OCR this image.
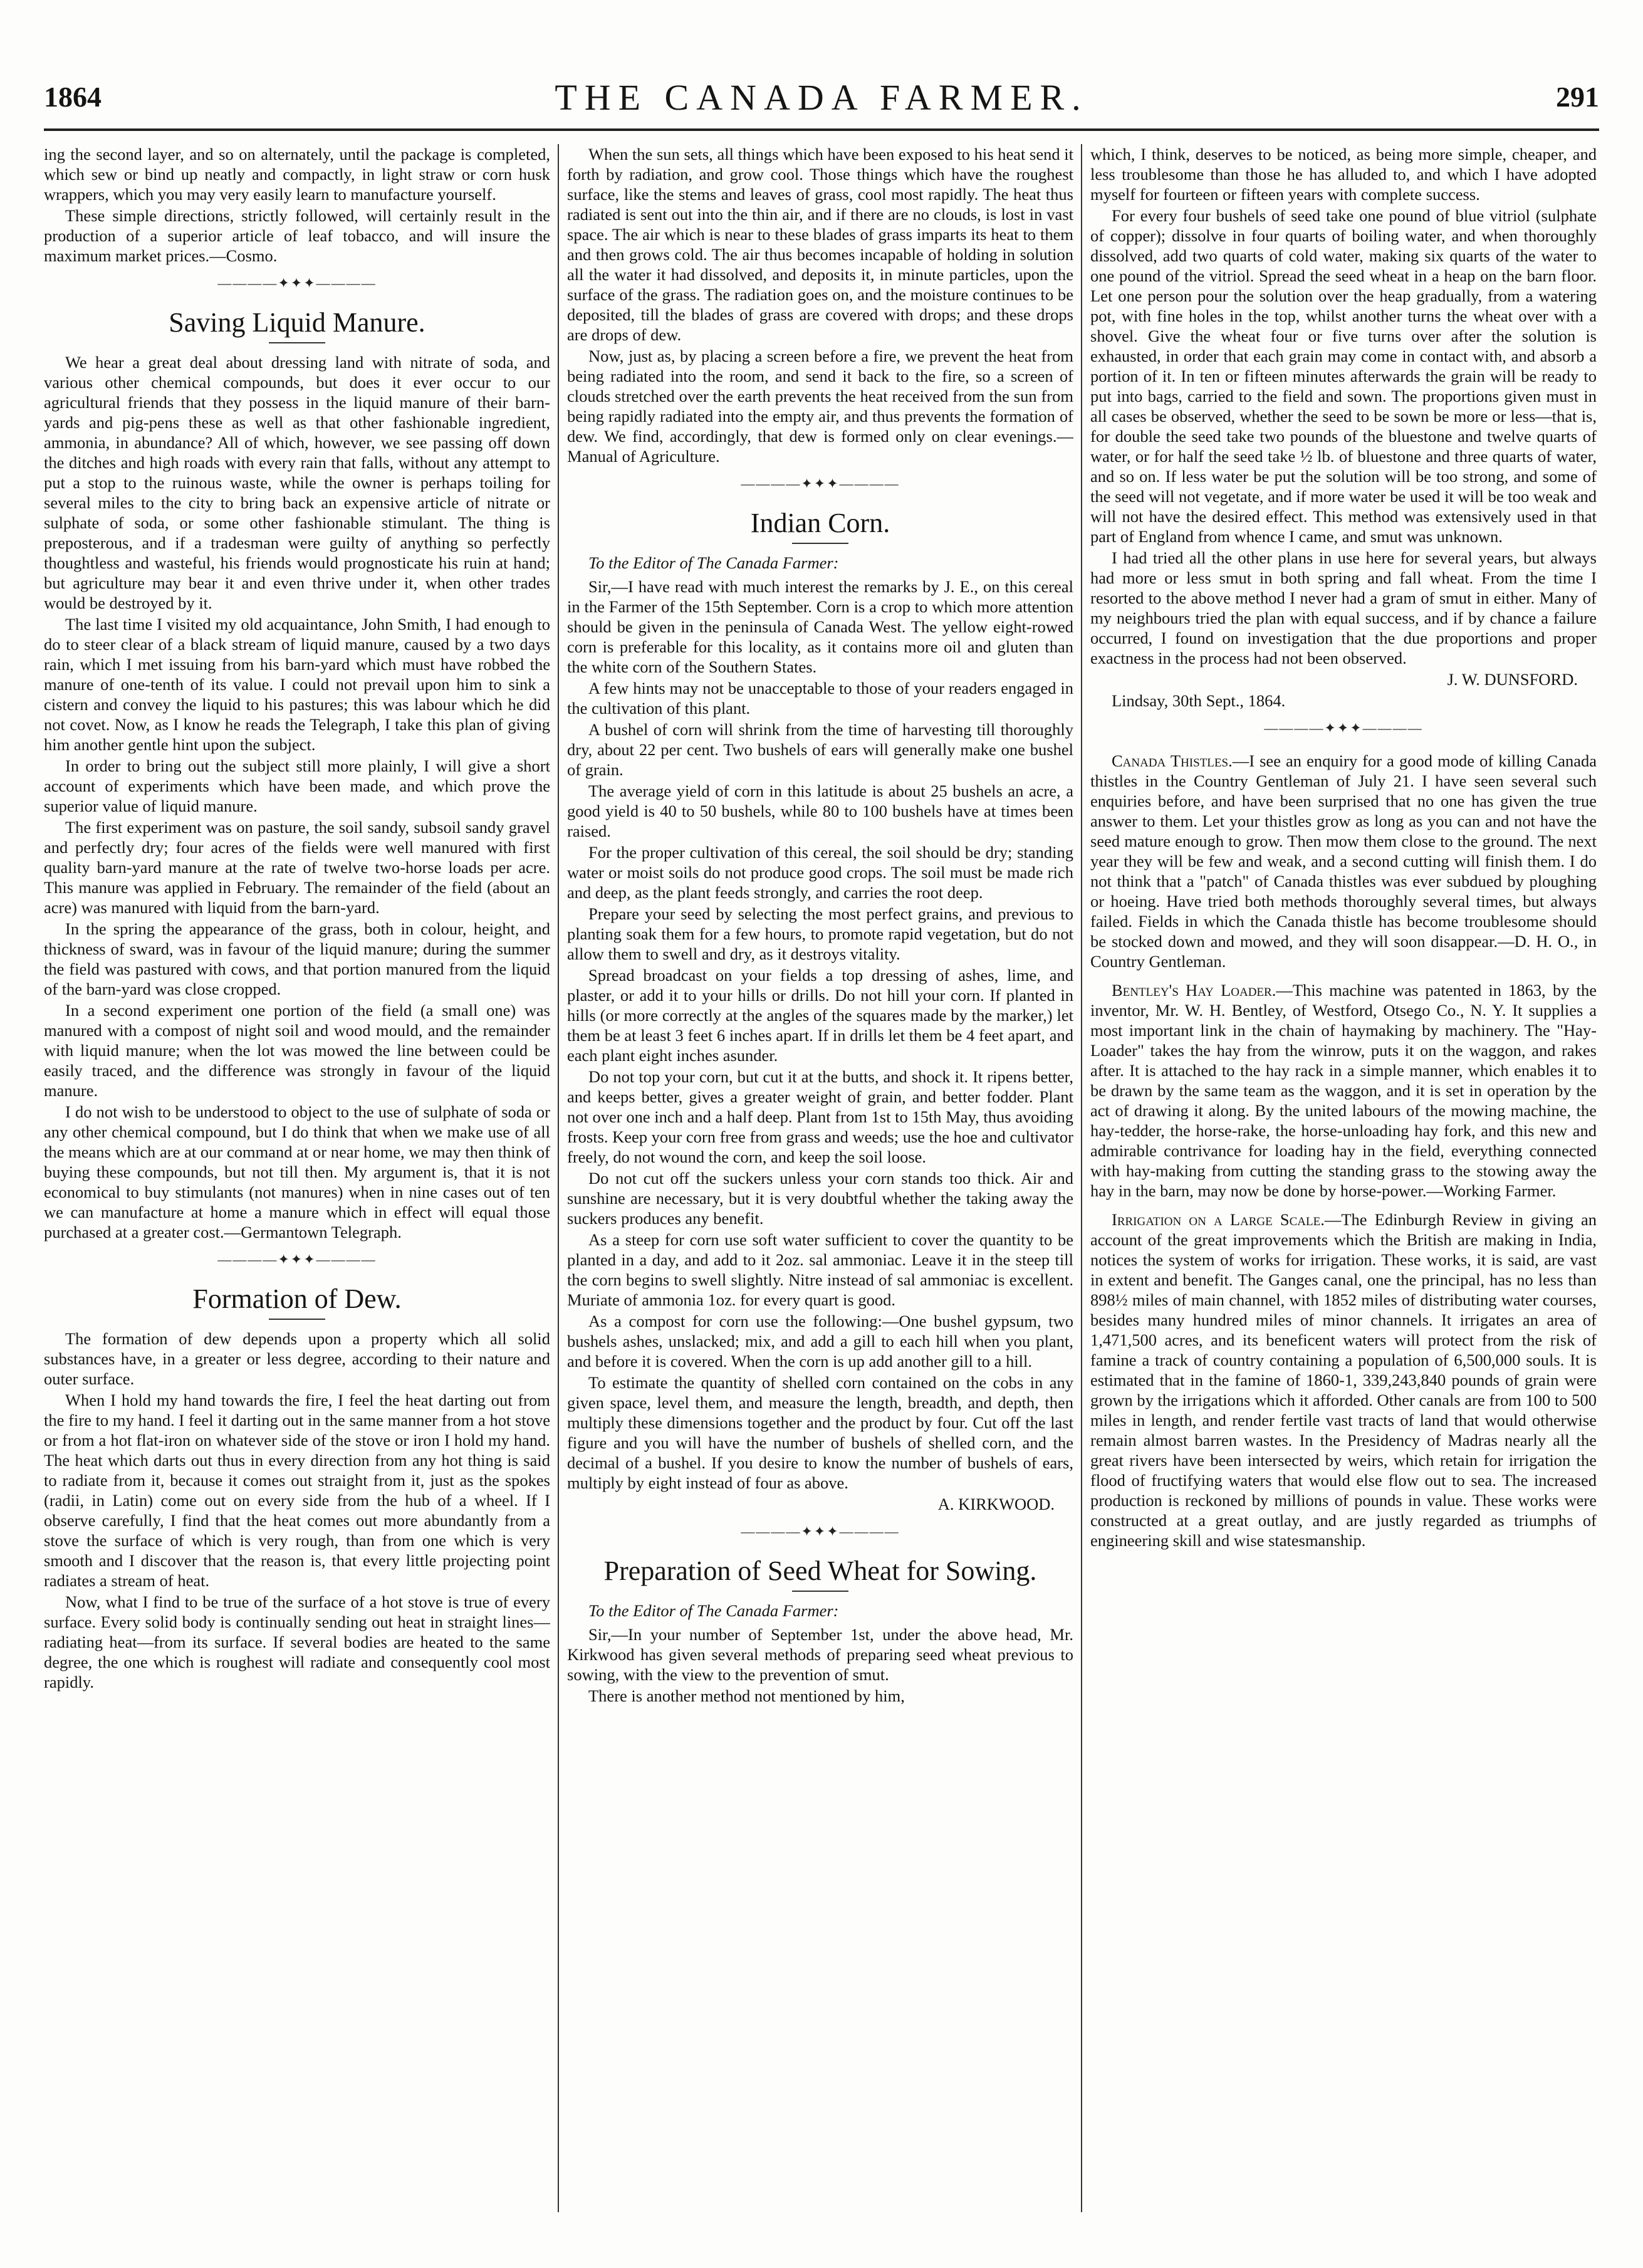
1864	THE CANADA FARMER.	291

ing the second layer, and so on alternately, until the package is completed, which sew or bind up neatly and compactly, in light straw or corn husk wrappers, which you may very easily learn to manufacture yourself.

These simple directions, strictly followed, will certainly result in the production of a superior article of leaf tobacco, and will insure the maximum market prices.—Cosmo.

――――✦✦✦――――
Saving Liquid Manure.

We hear a great deal about dressing land with nitrate of soda, and various other chemical compounds, but does it ever occur to our agricultural friends that they possess in the liquid manure of their barn-yards and pig-pens these as well as that other fashionable ingredient, ammonia, in abundance? All of which, however, we see passing off down the ditches and high roads with every rain that falls, without any attempt to put a stop to the ruinous waste, while the owner is perhaps toiling for several miles to the city to bring back an expensive article of nitrate or sulphate of soda, or some other fashionable stimulant. The thing is preposterous, and if a tradesman were guilty of anything so perfectly thoughtless and wasteful, his friends would prognosticate his ruin at hand; but agriculture may bear it and even thrive under it, when other trades would be destroyed by it.

The last time I visited my old acquaintance, John Smith, I had enough to do to steer clear of a black stream of liquid manure, caused by a two days rain, which I met issuing from his barn-yard which must have robbed the manure of one-tenth of its value. I could not prevail upon him to sink a cistern and convey the liquid to his pastures; this was labour which he did not covet. Now, as I know he reads the Telegraph, I take this plan of giving him another gentle hint upon the subject.

In order to bring out the subject still more plainly, I will give a short account of experiments which have been made, and which prove the superior value of liquid manure.

The first experiment was on pasture, the soil sandy, subsoil sandy gravel and perfectly dry; four acres of the fields were well manured with first quality barn-yard manure at the rate of twelve two-horse loads per acre. This manure was applied in February. The remainder of the field (about an acre) was manured with liquid from the barn-yard.

In the spring the appearance of the grass, both in colour, height, and thickness of sward, was in favour of the liquid manure; during the summer the field was pastured with cows, and that portion manured from the liquid of the barn-yard was close cropped.

In a second experiment one portion of the field (a small one) was manured with a compost of night soil and wood mould, and the remainder with liquid manure; when the lot was mowed the line between could be easily traced, and the difference was strongly in favour of the liquid manure.

I do not wish to be understood to object to the use of sulphate of soda or any other chemical compound, but I do think that when we make use of all the means which are at our command at or near home, we may then think of buying these compounds, but not till then. My argument is, that it is not economical to buy stimulants (not manures) when in nine cases out of ten we can manufacture at home a manure which in effect will equal those purchased at a greater cost.—Germantown Telegraph.

――――✦✦✦――――
Formation of Dew.

The formation of dew depends upon a property which all solid substances have, in a greater or less degree, according to their nature and outer surface.

When I hold my hand towards the fire, I feel the heat darting out from the fire to my hand. I feel it darting out in the same manner from a hot stove or from a hot flat-iron on whatever side of the stove or iron I hold my hand. The heat which darts out thus in every direction from any hot thing is said to radiate from it, because it comes out straight from it, just as the spokes (radii, in Latin) come out on every side from the hub of a wheel. If I observe carefully, I find that the heat comes out more abundantly from a stove the surface of which is very rough, than from one which is very smooth and I discover that the reason is, that every little projecting point radiates a stream of heat.

Now, what I find to be true of the surface of a hot stove is true of every surface. Every solid body is continually sending out heat in straight lines—radiating heat—from its surface. If several bodies are heated to the same degree, the one which is roughest will radiate and consequently cool most rapidly.

When the sun sets, all things which have been exposed to his heat send it forth by radiation, and grow cool. Those things which have the roughest surface, like the stems and leaves of grass, cool most rapidly. The heat thus radiated is sent out into the thin air, and if there are no clouds, is lost in vast space. The air which is near to these blades of grass imparts its heat to them and then grows cold. The air thus becomes incapable of holding in solution all the water it had dissolved, and deposits it, in minute particles, upon the surface of the grass. The radiation goes on, and the moisture continues to be deposited, till the blades of grass are covered with drops; and these drops are drops of dew.

Now, just as, by placing a screen before a fire, we prevent the heat from being radiated into the room, and send it back to the fire, so a screen of clouds stretched over the earth prevents the heat received from the sun from being rapidly radiated into the empty air, and thus prevents the formation of dew. We find, accordingly, that dew is formed only on clear evenings.—Manual of Agriculture.

――――✦✦✦――――
Indian Corn.

To the Editor of The Canada Farmer:

Sir,—I have read with much interest the remarks by J. E., on this cereal in the Farmer of the 15th September. Corn is a crop to which more attention should be given in the peninsula of Canada West. The yellow eight-rowed corn is preferable for this locality, as it contains more oil and gluten than the white corn of the Southern States.

A few hints may not be unacceptable to those of your readers engaged in the cultivation of this plant.

A bushel of corn will shrink from the time of harvesting till thoroughly dry, about 22 per cent. Two bushels of ears will generally make one bushel of grain.

The average yield of corn in this latitude is about 25 bushels an acre, a good yield is 40 to 50 bushels, while 80 to 100 bushels have at times been raised.

For the proper cultivation of this cereal, the soil should be dry; standing water or moist soils do not produce good crops. The soil must be made rich and deep, as the plant feeds strongly, and carries the root deep.

Prepare your seed by selecting the most perfect grains, and previous to planting soak them for a few hours, to promote rapid vegetation, but do not allow them to swell and dry, as it destroys vitality.

Spread broadcast on your fields a top dressing of ashes, lime, and plaster, or add it to your hills or drills. Do not hill your corn. If planted in hills (or more correctly at the angles of the squares made by the marker,) let them be at least 3 feet 6 inches apart. If in drills let them be 4 feet apart, and each plant eight inches asunder.

Do not top your corn, but cut it at the butts, and shock it. It ripens better, and keeps better, gives a greater weight of grain, and better fodder. Plant not over one inch and a half deep. Plant from 1st to 15th May, thus avoiding frosts. Keep your corn free from grass and weeds; use the hoe and cultivator freely, do not wound the corn, and keep the soil loose.

Do not cut off the suckers unless your corn stands too thick. Air and sunshine are necessary, but it is very doubtful whether the taking away the suckers produces any benefit.

As a steep for corn use soft water sufficient to cover the quantity to be planted in a day, and add to it 2oz. sal ammoniac. Leave it in the steep till the corn begins to swell slightly. Nitre instead of sal ammoniac is excellent. Muriate of ammonia 1oz. for every quart is good.

As a compost for corn use the following:—One bushel gypsum, two bushels ashes, unslacked; mix, and add a gill to each hill when you plant, and before it is covered. When the corn is up add another gill to a hill.

To estimate the quantity of shelled corn contained on the cobs in any given space, level them, and measure the length, breadth, and depth, then multiply these dimensions together and the product by four. Cut off the last figure and you will have the number of bushels of shelled corn, and the decimal of a bushel. If you desire to know the number of bushels of ears, multiply by eight instead of four as above.

A. KIRKWOOD.

――――✦✦✦――――
Preparation of Seed Wheat for Sowing.

To the Editor of The Canada Farmer:

Sir,—In your number of September 1st, under the above head, Mr. Kirkwood has given several methods of preparing seed wheat previous to sowing, with the view to the prevention of smut.

There is another method not mentioned by him,

which, I think, deserves to be noticed, as being more simple, cheaper, and less troublesome than those he has alluded to, and which I have adopted myself for fourteen or fifteen years with complete success.

For every four bushels of seed take one pound of blue vitriol (sulphate of copper); dissolve in four quarts of boiling water, and when thoroughly dissolved, add two quarts of cold water, making six quarts of the water to one pound of the vitriol. Spread the seed wheat in a heap on the barn floor. Let one person pour the solution over the heap gradually, from a watering pot, with fine holes in the top, whilst another turns the wheat over with a shovel. Give the wheat four or five turns over after the solution is exhausted, in order that each grain may come in contact with, and absorb a portion of it. In ten or fifteen minutes afterwards the grain will be ready to put into bags, carried to the field and sown. The proportions given must in all cases be observed, whether the seed to be sown be more or less—that is, for double the seed take two pounds of the bluestone and twelve quarts of water, or for half the seed take ½ lb. of bluestone and three quarts of water, and so on. If less water be put the solution will be too strong, and some of the seed will not vegetate, and if more water be used it will be too weak and will not have the desired effect. This method was extensively used in that part of England from whence I came, and smut was unknown.

I had tried all the other plans in use here for several years, but always had more or less smut in both spring and fall wheat. From the time I resorted to the above method I never had a gram of smut in either. Many of my neighbours tried the plan with equal success, and if by chance a failure occurred, I found on investigation that the due proportions and proper exactness in the process had not been observed.

J. W. DUNSFORD.

Lindsay, 30th Sept., 1864.

――――✦✦✦――――

Canada Thistles.—I see an enquiry for a good mode of killing Canada thistles in the Country Gentleman of July 21. I have seen several such enquiries before, and have been surprised that no one has given the true answer to them. Let your thistles grow as long as you can and not have the seed mature enough to grow. Then mow them close to the ground. The next year they will be few and weak, and a second cutting will finish them. I do not think that a "patch" of Canada thistles was ever subdued by ploughing or hoeing. Have tried both methods thoroughly several times, but always failed. Fields in which the Canada thistle has become troublesome should be stocked down and mowed, and they will soon disappear.—D. H. O., in Country Gentleman.

Bentley's Hay Loader.—This machine was patented in 1863, by the inventor, Mr. W. H. Bentley, of Westford, Otsego Co., N. Y. It supplies a most important link in the chain of haymaking by machinery. The "Hay-Loader" takes the hay from the winrow, puts it on the waggon, and rakes after. It is attached to the hay rack in a simple manner, which enables it to be drawn by the same team as the waggon, and it is set in operation by the act of drawing it along. By the united labours of the mowing machine, the hay-tedder, the horse-rake, the horse-unloading hay fork, and this new and admirable contrivance for loading hay in the field, everything connected with hay-making from cutting the standing grass to the stowing away the hay in the barn, may now be done by horse-power.—Working Farmer.

Irrigation on a Large Scale.—The Edinburgh Review in giving an account of the great improvements which the British are making in India, notices the system of works for irrigation. These works, it is said, are vast in extent and benefit. The Ganges canal, one the principal, has no less than 898½ miles of main channel, with 1852 miles of distributing water courses, besides many hundred miles of minor channels. It irrigates an area of 1,471,500 acres, and its beneficent waters will protect from the risk of famine a track of country containing a population of 6,500,000 souls. It is estimated that in the famine of 1860-1, 339,243,840 pounds of grain were grown by the irrigations which it afforded. Other canals are from 100 to 500 miles in length, and render fertile vast tracts of land that would otherwise remain almost barren wastes. In the Presidency of Madras nearly all the great rivers have been intersected by weirs, which retain for irrigation the flood of fructifying waters that would else flow out to sea. The increased production is reckoned by millions of pounds in value. These works were constructed at a great outlay, and are justly regarded as triumphs of engineering skill and wise statesmanship.
